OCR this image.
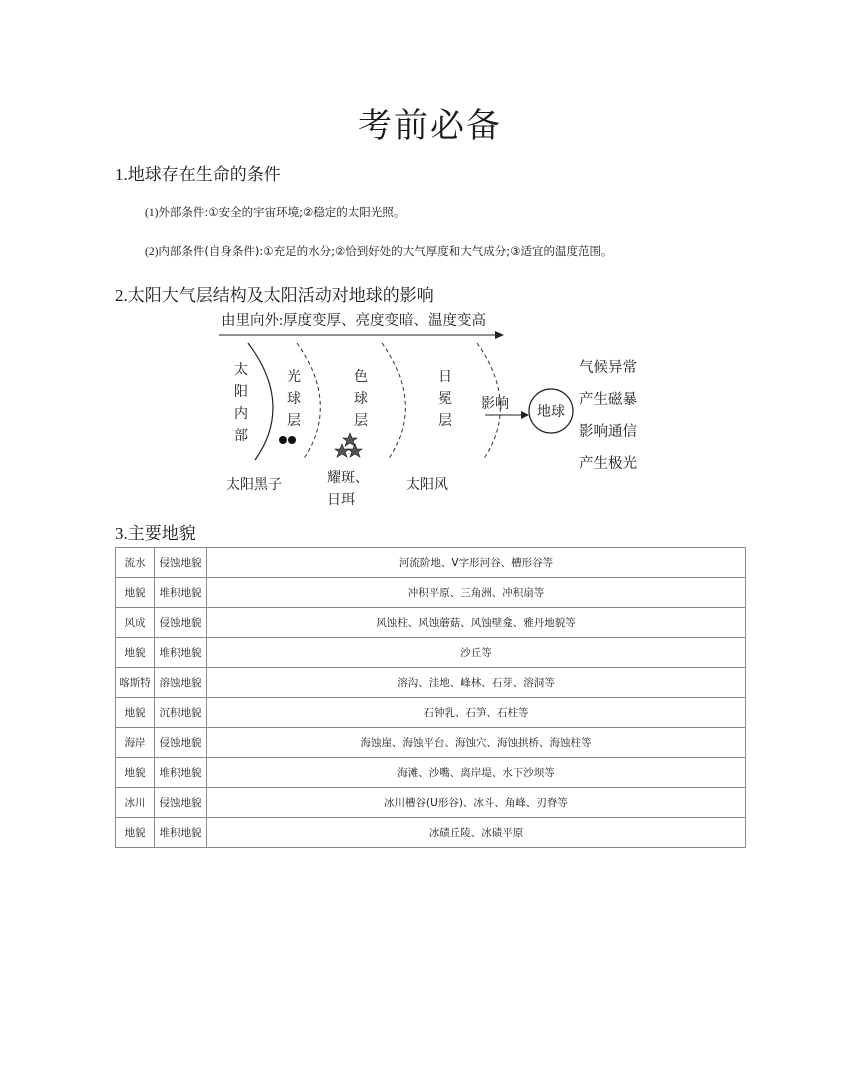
考前必备
1.地球存在生命的条件
(1)外部条件:①安全的宇宙环境;②稳定的太阳光照。
(2)内部条件(自身条件):①充足的水分;②恰到好处的大气厚度和大气成分;③适宜的温度范围。
2.太阳大气层结构及太阳活动对地球的影响
由里向外:厚度变厚、亮度变暗、温度变高
太
阳
内
部
光
球
层
色
球
层
日
冕
层
影响
地球
气候异常
产生磁暴
影响通信
产生极光
太阳黑子	耀斑、
日珥
太阳风
3.主要地貌
流水	侵蚀地貌	河流阶地、V字形河谷、槽形谷等
地貌	堆积地貌	冲积平原、三角洲、冲积扇等
风成	侵蚀地貌	风蚀柱、风蚀蘑菇、风蚀壁龛、雅丹地貌等
地貌	堆积地貌	沙丘等
喀斯特	溶蚀地貌	溶沟、洼地、峰林、石芽、溶洞等
地貌	沉积地貌	石钟乳、石笋、石柱等
海岸	侵蚀地貌	海蚀崖、海蚀平台、海蚀穴、海蚀拱桥、海蚀柱等
地貌	堆积地貌	海滩、沙嘴、离岸堤、水下沙坝等
冰川	侵蚀地貌	冰川槽谷(U形谷)、冰斗、角峰、刃脊等
地貌	堆积地貌	冰碛丘陵、冰碛平原
